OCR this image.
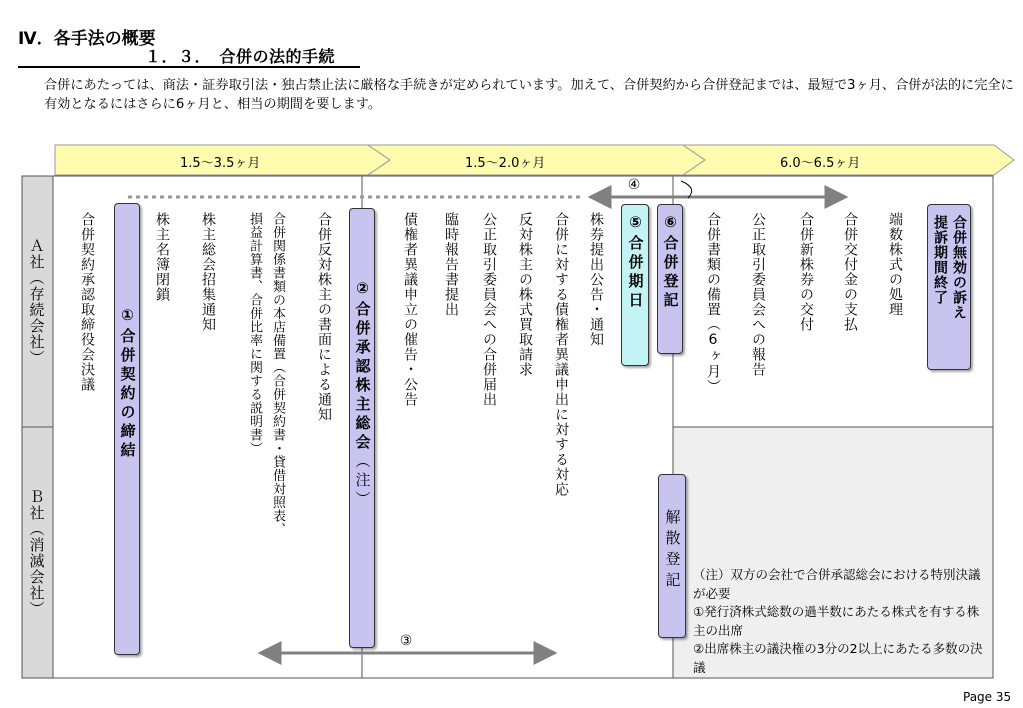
Ⅳ．各手法の概要
１．３．　合併の法的手続
合併にあたっては、商法・証券取引法・独占禁止法に厳格な手続きが定められています。加えて、合併契約から合併登記までは、最短で3ヶ月、合併が法的に完全に有効となるにはさらに6ヶ月と、相当の期間を要します。
1.5〜3.5ヶ月	1.5〜2.0ヶ月	6.0〜6.5ヶ月
Ａ社（存続会社）
Ｂ社（消滅会社）
③
④
合併契約承認取締役会決議	株主名簿閉鎖 株主総会招集通知	合併関係書類の本店備置（合併契約書・貸借対照表、
損益計算書、合併比率に関する説明書）	合併反対株主の書面による通知	債権者異議申立の催告・公告 臨時報告書提出 公正取引委員会への合併届出 反対株主の株式買取請求 合併に対する債権者異議申出に対する対応 株券提出公告・通知	合併書類の備置（6ヶ月） 公正取引委員会への報告 合併新株券の交付 合併交付金の支払 端数株式の処理
①合併契約の締結
②合併承認株主総会（注）
⑤合併期日
⑥合併登記	合併無効の訴え
提訴期間終了
解散登記 （注）双方の会社で合併承認総会における特別決議が必要
①発行済株式総数の過半数にあたる株式を有する株主の出席
②出席株主の議決権の3分の2以上にあたる多数の決議
Page 35
